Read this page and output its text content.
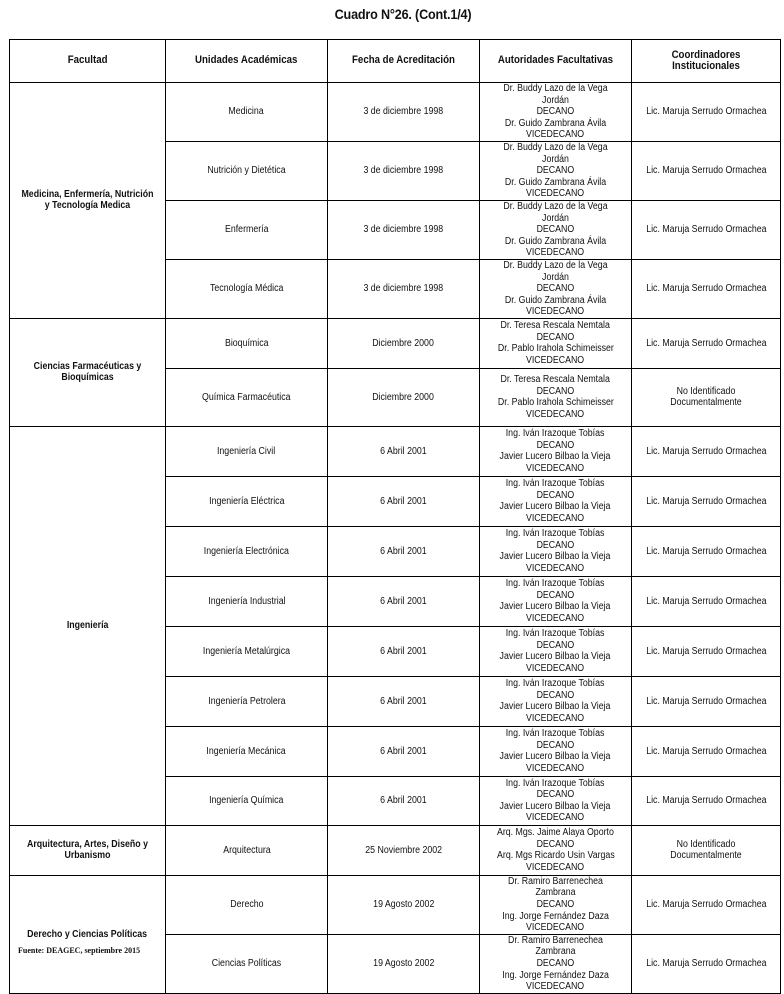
Cuadro N°26. (Cont.1/4)
Facultad	Unidades Académicas	Fecha de Acreditación	Autoridades Facultativas	Coordinadores Institucionales
Medicina, Enfermería, Nutrición y Tecnología Medica	Medicina	3 de diciembre 1998	Dr. Buddy Lazo de la Vega Jordán
DECANO
Dr. Guido Zambrana Ávila
VICEDECANO	Lic. Maruja Serrudo Ormachea
	Nutrición y Dietética	3 de diciembre 1998	Dr. Buddy Lazo de la Vega Jordán
DECANO
Dr. Guido Zambrana Ávila
VICEDECANO	Lic. Maruja Serrudo Ormachea
	Enfermería	3 de diciembre 1998	Dr. Buddy Lazo de la Vega Jordán
DECANO
Dr. Guido Zambrana Ávila
VICEDECANO	Lic. Maruja Serrudo Ormachea
	Tecnología Médica	3 de diciembre 1998	Dr. Buddy Lazo de la Vega Jordán
DECANO
Dr. Guido Zambrana Ávila
VICEDECANO	Lic. Maruja Serrudo Ormachea
Ciencias Farmacéuticas y Bioquímicas	Bioquímica	Diciembre 2000	Dr. Teresa Rescala Nemtala
DECANO
Dr. Pablo Irahola Schimeisser
VICEDECANO	Lic. Maruja Serrudo Ormachea
	Química Farmacéutica	Diciembre 2000	Dr. Teresa Rescala Nemtala
DECANO
Dr. Pablo Irahola Schimeisser
VICEDECANO	No Identificado Documentalmente
Ingeniería	Ingeniería Civil	6 Abril 2001	Ing. Iván Irazoque Tobías
DECANO
Javier Lucero Bilbao la Vieja
VICEDECANO	Lic. Maruja Serrudo Ormachea
	Ingeniería Eléctrica	6 Abril 2001	Ing. Iván Irazoque Tobías
DECANO
Javier Lucero Bilbao la Vieja
VICEDECANO	Lic. Maruja Serrudo Ormachea
	Ingeniería Electrónica	6 Abril 2001	Ing. Iván Irazoque Tobías
DECANO
Javier Lucero Bilbao la Vieja
VICEDECANO	Lic. Maruja Serrudo Ormachea
	Ingeniería Industrial	6 Abril 2001	Ing. Iván Irazoque Tobías
DECANO
Javier Lucero Bilbao la Vieja
VICEDECANO	Lic. Maruja Serrudo Ormachea
	Ingeniería Metalúrgica	6 Abril 2001	Ing. Iván Irazoque Tobías
DECANO
Javier Lucero Bilbao la Vieja
VICEDECANO	Lic. Maruja Serrudo Ormachea
	Ingeniería Petrolera	6 Abril 2001	Ing. Iván Irazoque Tobías
DECANO
Javier Lucero Bilbao la Vieja
VICEDECANO	Lic. Maruja Serrudo Ormachea
	Ingeniería Mecánica	6 Abril 2001	Ing. Iván Irazoque Tobías
DECANO
Javier Lucero Bilbao la Vieja
VICEDECANO	Lic. Maruja Serrudo Ormachea
	Ingeniería Química	6 Abril 2001	Ing. Iván Irazoque Tobías
DECANO
Javier Lucero Bilbao la Vieja
VICEDECANO	Lic. Maruja Serrudo Ormachea
Arquitectura, Artes, Diseño y Urbanismo	Arquitectura	25 Noviembre 2002	Arq. Mgs. Jaime Alaya Oporto
DECANO
Arq. Mgs Ricardo Usin Vargas
VICEDECANO	No Identificado Documentalmente
Derecho y Ciencias Políticas	Derecho	19 Agosto 2002	Dr. Ramiro Barrenechea Zambrana
DECANO
Ing. Jorge Fernández Daza
VICEDECANO	Lic. Maruja Serrudo Ormachea
	Ciencias Políticas	19 Agosto 2002	Dr. Ramiro Barrenechea Zambrana
DECANO
Ing. Jorge Fernández Daza
VICEDECANO	Lic. Maruja Serrudo Ormachea
Fuente: DEAGEC, septiembre 2015
